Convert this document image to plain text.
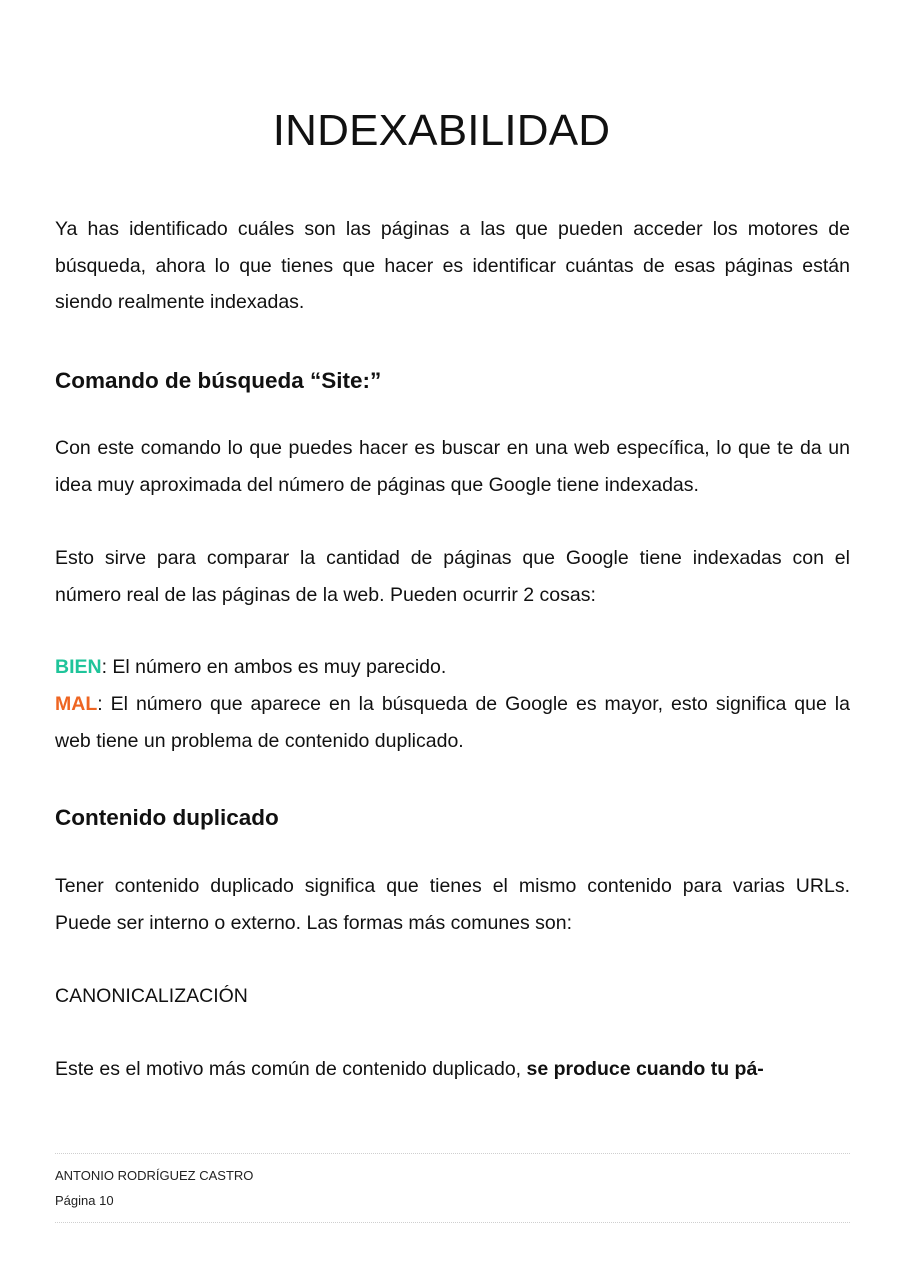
INDEXABILIDAD

Ya has identificado cuáles son las páginas a las que pueden acceder los motores de búsqueda, ahora lo que tienes que hacer es identificar cuántas de esas páginas están siendo realmente indexadas.

Comando de búsqueda “Site:”

Con este comando lo que puedes hacer es buscar en una web específica, lo que te da un idea muy aproximada del número de páginas que Google tiene indexadas.

Esto sirve para comparar la cantidad de páginas que Google tiene indexadas con el número real de las páginas de la web. Pueden ocurrir 2 cosas:

BIEN: El número en ambos es muy parecido.

MAL: El número que aparece en la búsqueda de Google es mayor, esto significa que la web tiene un problema de contenido duplicado.

Contenido duplicado

Tener contenido duplicado significa que tienes el mismo contenido para varias URLs. Puede ser interno o externo. Las formas más comunes son:

CANONICALIZACIÓN

Este es el motivo más común de contenido duplicado, se produce cuando tu pá-

ANTONIO RODRÍGUEZ CASTRO
Página 10
